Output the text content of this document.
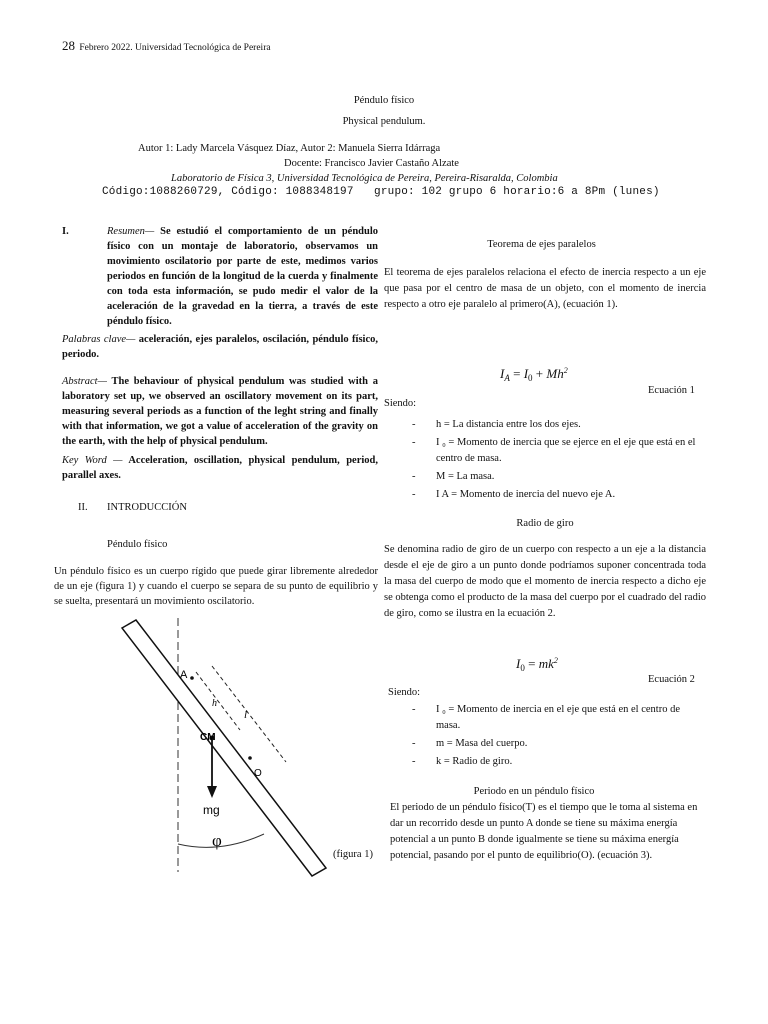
28 Febrero 2022. Universidad Tecnológica de Pereira
Péndulo físico
Physical pendulum.
Autor 1: Lady Marcela Vásquez Díaz, Autor 2: Manuela Sierra Idárraga
Docente: Francisco Javier Castaño Alzate
Laboratorio de Física 3, Universidad Tecnológica de Pereira, Pereira-Risaralda, Colombia
Código:1088260729, Código: 1088348197   grupo: 102 grupo 6 horario:6 a 8Pm (lunes)
I.	Resumen— Se estudió el comportamiento de un péndulo físico con un montaje de laboratorio, observamos un movimiento oscilatorio por parte de este, medimos varios periodos en función de la longitud de la cuerda y finalmente con toda esta información, se pudo medir el valor de la aceleración de la gravedad en la tierra, a través de este péndulo físico.
Palabras clave— aceleración, ejes paralelos, oscilación, péndulo físico, periodo.
Abstract— The behaviour of physical pendulum was studied with a laboratory set up, we observed an oscillatory movement on its part, measuring several periods as a function of the leght string and finally with that information, we got a value of acceleration of the gravity on the earth, with the help of physical pendulum.
Key Word — Acceleration, oscillation, physical pendulum, period, parallel axes.
II. INTRODUCCIÓN
Péndulo físico
Un péndulo físico es un cuerpo rígido que puede girar libremente alrededor de un eje (figura 1) y cuando el cuerpo se separa de su punto de equilibrio y se suelta, presentará un movimiento oscilatorio.
A
h
l
CM
O
mg
φ
(figura 1)
Teorema de ejes paralelos
El teorema de ejes paralelos relaciona el efecto de inercia respecto a un eje que pasa por el centro de masa de un objeto, con el momento de inercia respecto a otro eje paralelo al primero(A), (ecuación 1).
$I_A = I_0 + Mh^2$
Ecuación 1
Siendo:
- h = La distancia entre los dos ejes.
- I ₀ = Momento de inercia que se ejerce en el eje que está en el centro de masa.
- M = La masa.
- I A = Momento de inercia del nuevo eje A.
Radio de giro
Se denomina radio de giro de un cuerpo con respecto a un eje a la distancia desde el eje de giro a un punto donde podríamos suponer concentrada toda la masa del cuerpo de modo que el momento de inercia respecto a dicho eje se obtenga como el producto de la masa del cuerpo por el cuadrado del radio de giro, como se ilustra en la ecuación 2.
$I_0 = mk^2$
Ecuación 2
Siendo:
- I ₀ = Momento de inercia en el eje que está en el centro de masa.
- m = Masa del cuerpo.
- k = Radio de giro.
Periodo en un péndulo físico
El periodo de un péndulo físico(T) es el tiempo que le toma al sistema en dar un recorrido desde un punto A donde se tiene su máxima energía potencial a un punto B donde igualmente se tiene su máxima energía potencial, pasando por el punto de equilibrio(O). (ecuación 3).
